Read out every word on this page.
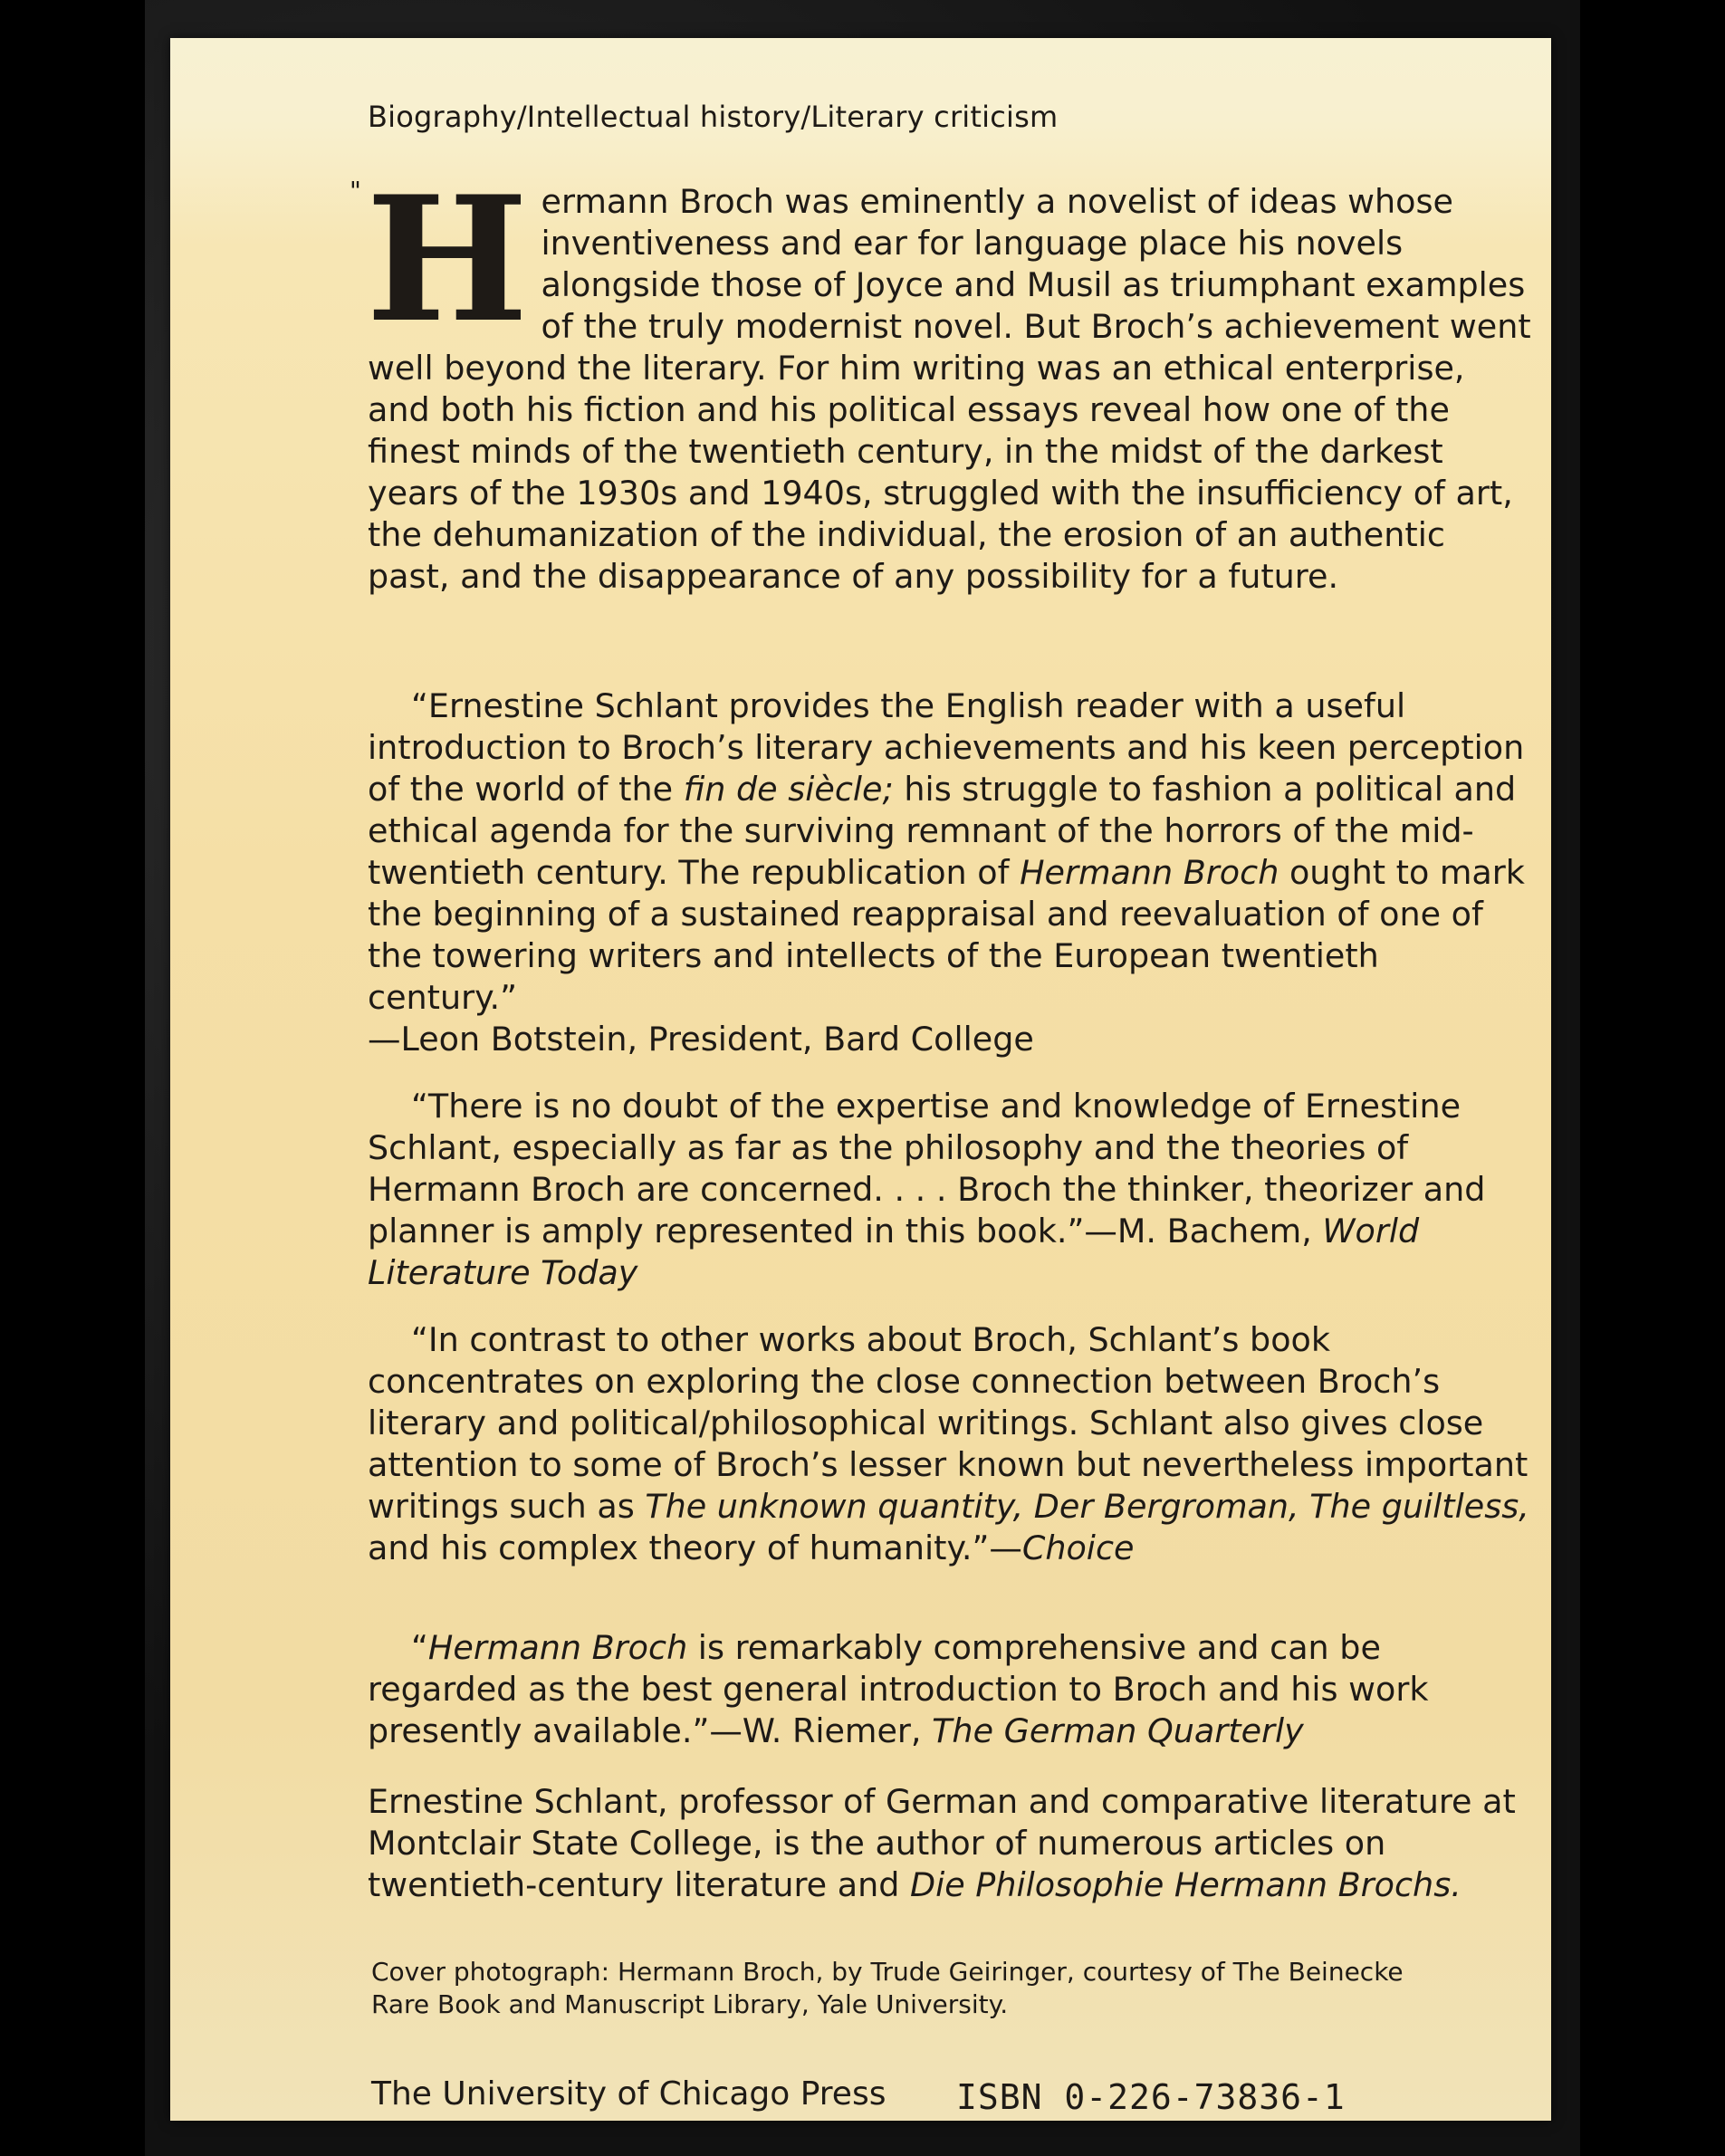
Biography/Intellectual history/Literary criticism
" Hermann Broch was eminently a novelist of ideas whose inventiveness and ear for language place his novels alongside those of Joyce and Musil as triumphant examples of the truly modernist novel. But Broch’s achievement went well beyond the literary. For him writing was an ethical enterprise, and both his fiction and his political essays reveal how one of the finest minds of the twentieth century, in the midst of the darkest years of the 1930s and 1940s, struggled with the insufficiency of art, the dehumanization of the individual, the erosion of an authentic past, and the disappearance of any possibility for a future.

“Ernestine Schlant provides the English reader with a useful introduction to Broch’s literary achievements and his keen perception of the world of the fin de siècle; his struggle to fashion a political and ethical agenda for the surviving remnant of the horrors of the mid-twentieth century. The republication of Hermann Broch ought to mark the beginning of a sustained reappraisal and reevaluation of one of the towering writers and intellects of the European twentieth century.”

—Leon Botstein, President, Bard College

“There is no doubt of the expertise and knowledge of Ernestine Schlant, especially as far as the philosophy and the theories of Hermann Broch are concerned. . . . Broch the thinker, theorizer and planner is amply represented in this book.”—M. Bachem, World Literature Today

“In contrast to other works about Broch, Schlant’s book concentrates on exploring the close connection between Broch’s literary and political/philosophical writings. Schlant also gives close attention to some of Broch’s lesser known but nevertheless important writings such as The unknown quantity, Der Bergroman, The guiltless, and his complex theory of humanity.”—Choice

“Hermann Broch is remarkably comprehensive and can be regarded as the best general introduction to Broch and his work presently available.”—W. Riemer, The German Quarterly

Ernestine Schlant, professor of German and comparative literature at Montclair State College, is the author of numerous articles on twentieth-century literature and Die Philosophie Hermann Brochs.

Cover photograph: Hermann Broch, by Trude Geiringer, courtesy of The Beinecke Rare Book and Manuscript Library, Yale University.
The University of Chicago Press ISBN 0-226-73836-1
